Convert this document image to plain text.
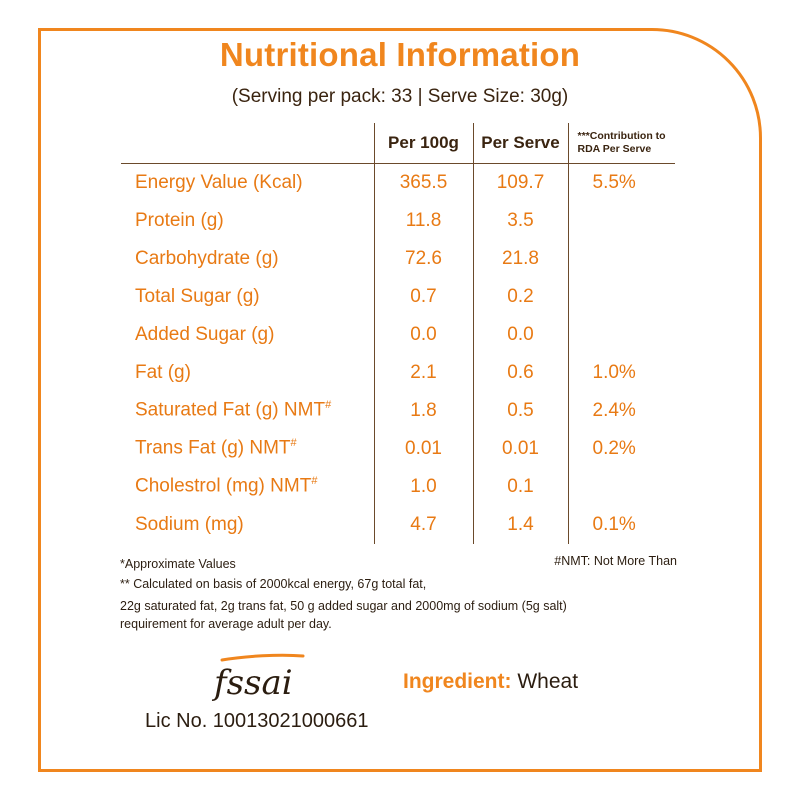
Nutritional Information
(Serving per pack: 33 | Serve Size: 30g)
	Per 100g	Per Serve	***Contribution to RDA Per Serve
Energy Value (Kcal)	365.5	109.7	5.5%
Protein (g)	11.8	3.5	
Carbohydrate (g)	72.6	21.8	
Total Sugar (g)	0.7	0.2	
Added Sugar (g)	0.0	0.0	
Fat (g)	2.1	0.6	1.0%
Saturated Fat (g) NMT#	1.8	0.5	2.4%
Trans Fat (g) NMT#	0.01	0.01	0.2%
Cholestrol (mg) NMT#	1.0	0.1	
Sodium (mg)	4.7	1.4	0.1%
*Approximate Values	#NMT: Not More Than
** Calculated on basis of 2000kcal energy, 67g total fat,
22g saturated fat, 2g trans fat, 50 g added sugar and 2000mg of sodium (5g salt)
requirement for average adult per day.
fssai
Lic No. 10013021000661
Ingredient: Wheat
